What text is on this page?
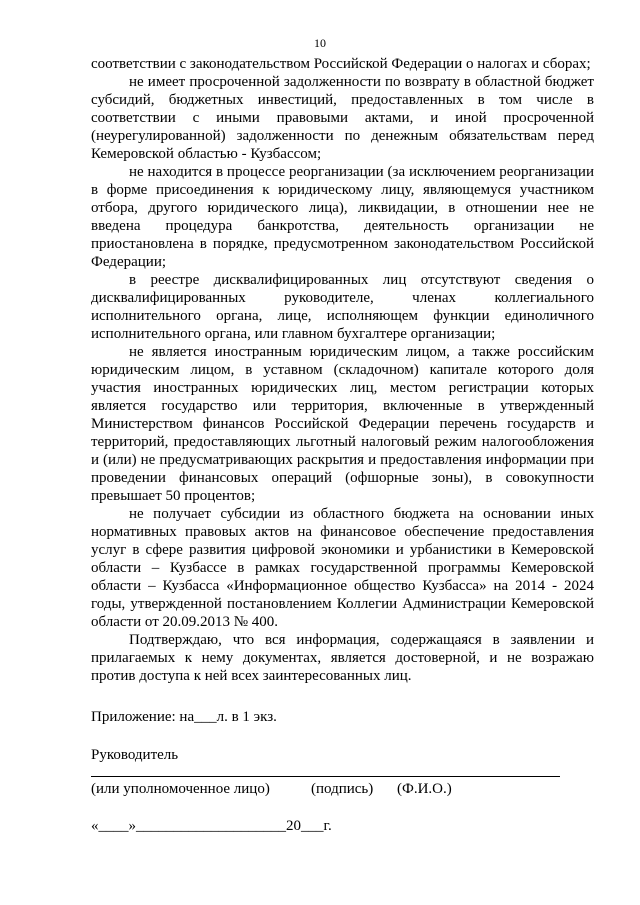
10

соответствии с законодательством Российской Федерации о налогах и сборах;

не имеет просроченной задолженности по возврату в областной бюджет субсидий, бюджетных инвестиций, предоставленных в том числе в соответствии с иными правовыми актами, и иной просроченной (неурегулированной) задолженности по денежным обязательствам перед Кемеровской областью - Кузбассом;

не находится в процессе реорганизации (за исключением реорганизации в форме присоединения к юридическому лицу, являющемуся участником отбора, другого юридического лица), ликвидации, в отношении нее не введена процедура банкротства, деятельность организации не приостановлена в порядке, предусмотренном законодательством Российской Федерации;

в реестре дисквалифицированных лиц отсутствуют сведения о дисквалифицированных руководителе, членах коллегиального исполнительного органа, лице, исполняющем функции единоличного исполнительного органа, или главном бухгалтере организации;

не является иностранным юридическим лицом, а также российским юридическим лицом, в уставном (складочном) капитале которого доля участия иностранных юридических лиц, местом регистрации которых является государство или территория, включенные в утвержденный Министерством финансов Российской Федерации перечень государств и территорий, предоставляющих льготный налоговый режим налогообложения и (или) не предусматривающих раскрытия и предоставления информации при проведении финансовых операций (офшорные зоны), в совокупности превышает 50 процентов;

не получает субсидии из областного бюджета на основании иных нормативных правовых актов на финансовое обеспечение предоставления услуг в сфере развития цифровой экономики и урбанистики в Кемеровской области – Кузбассе в рамках государственной программы Кемеровской области – Кузбасса «Информационное общество Кузбасса» на 2014 - 2024 годы, утвержденной постановлением Коллегии Администрации Кемеровской области от 20.09.2013 № 400.

Подтверждаю, что вся информация, содержащаяся в заявлении и прилагаемых к нему документах, является достоверной, и не возражаю против доступа к ней всех заинтересованных лиц.

Приложение: на___л. в 1 экз.
Руководитель
(или уполномоченное лицо)	(подпись) (Ф.И.О.)
«____»____________________20___г.
